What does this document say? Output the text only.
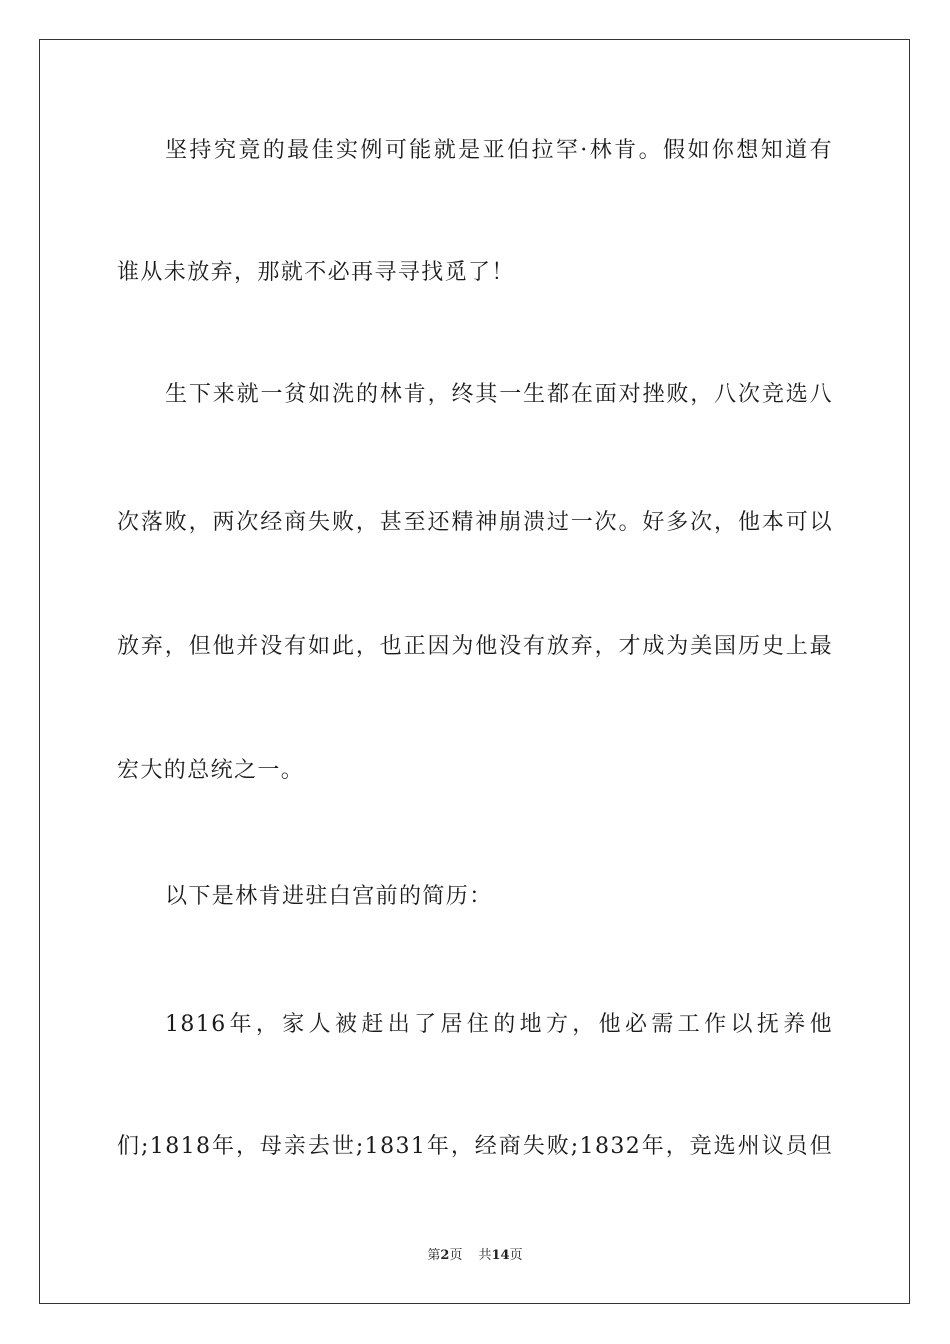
坚持究竟的最佳实例可能就是亚伯拉罕·林肯。假如你想知道有
谁从未放弃，那就不必再寻寻找觅了！
生下来就一贫如洗的林肯，终其一生都在面对挫败，八次竞选八
次落败，两次经商失败，甚至还精神崩溃过一次。好多次，他本可以
放弃，但他并没有如此，也正因为他没有放弃，才成为美国历史上最
宏大的总统之一。
以下是林肯进驻白宫前的简历：
1816年，家人被赶出了居住的地方，他必需工作以抚养他
们;1818年，母亲去世;1831年，经商失败;1832年，竞选州议员但
第2页 共14页
